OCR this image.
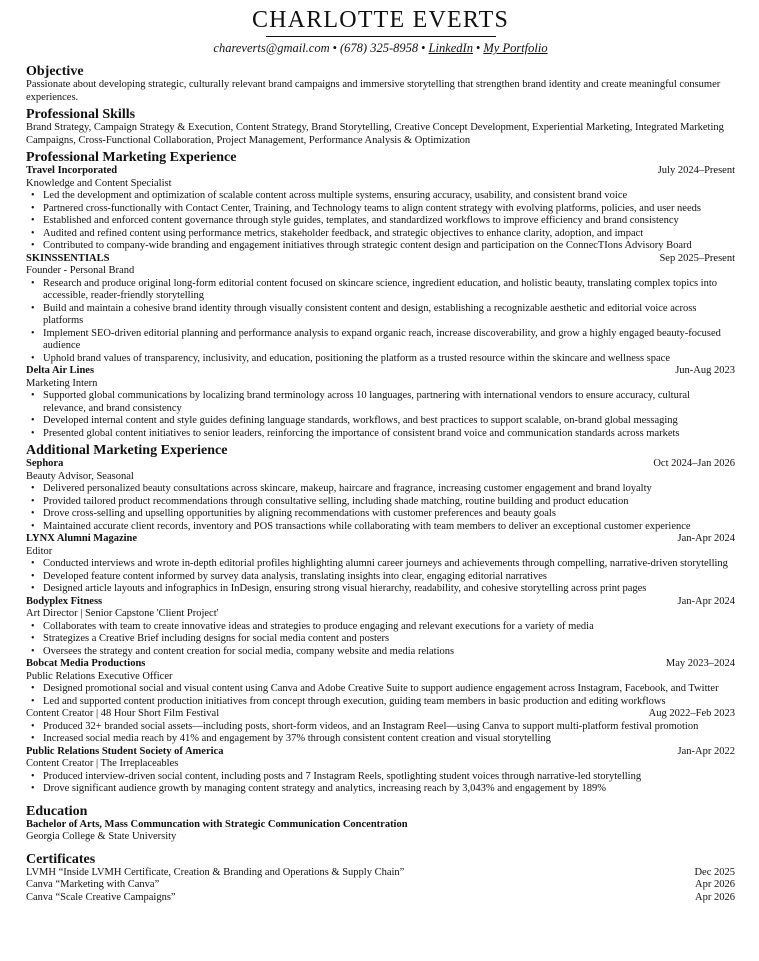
CHARLOTTE EVERTS
chareverts@gmail.com • (678) 325-8958 • LinkedIn • My Portfolio
Objective
Passionate about developing strategic, culturally relevant brand campaigns and immersive storytelling that strengthen brand identity and create meaningful consumer experiences.
Professional Skills
Brand Strategy, Campaign Strategy & Execution, Content Strategy, Brand Storytelling, Creative Concept Development, Experiential Marketing, Integrated Marketing Campaigns, Cross-Functional Collaboration, Project Management, Performance Analysis & Optimization
Professional Marketing Experience
Travel Incorporated	July 2024–Present
Knowledge and Content Specialist
• Led the development and optimization of scalable content across multiple systems, ensuring accuracy, usability, and consistent brand voice
• Partnered cross-functionally with Contact Center, Training, and Technology teams to align content strategy with evolving platforms, policies, and user needs
• Established and enforced content governance through style guides, templates, and standardized workflows to improve efficiency and brand consistency
• Audited and refined content using performance metrics, stakeholder feedback, and strategic objectives to enhance clarity, adoption, and impact
• Contributed to company-wide branding and engagement initiatives through strategic content design and participation on the ConnecTIons Advisory Board
SKINSSENTIALS	Sep 2025–Present
Founder - Personal Brand
• Research and produce original long-form editorial content focused on skincare science, ingredient education, and holistic beauty, translating complex topics into accessible, reader-friendly storytelling
• Build and maintain a cohesive brand identity through visually consistent content and design, establishing a recognizable aesthetic and editorial voice across platforms
• Implement SEO-driven editorial planning and performance analysis to expand organic reach, increase discoverability, and grow a highly engaged beauty-focused audience
• Uphold brand values of transparency, inclusivity, and education, positioning the platform as a trusted resource within the skincare and wellness space
Delta Air Lines	Jun-Aug 2023
Marketing Intern
• Supported global communications by localizing brand terminology across 10 languages, partnering with international vendors to ensure accuracy, cultural relevance, and brand consistency
• Developed internal content and style guides defining language standards, workflows, and best practices to support scalable, on-brand global messaging
• Presented global content initiatives to senior leaders, reinforcing the importance of consistent brand voice and communication standards across markets
Additional Marketing Experience
Sephora	Oct 2024–Jan 2026
Beauty Advisor, Seasonal
• Delivered personalized beauty consultations across skincare, makeup, haircare and fragrance, increasing customer engagement and brand loyalty
• Provided tailored product recommendations through consultative selling, including shade matching, routine building and product education
• Drove cross-selling and upselling opportunities by aligning recommendations with customer preferences and beauty goals
• Maintained accurate client records, inventory and POS transactions while collaborating with team members to deliver an exceptional customer experience
LYNX Alumni Magazine	Jan-Apr 2024
Editor
• Conducted interviews and wrote in-depth editorial profiles highlighting alumni career journeys and achievements through compelling, narrative-driven storytelling
• Developed feature content informed by survey data analysis, translating insights into clear, engaging editorial narratives
• Designed article layouts and infographics in InDesign, ensuring strong visual hierarchy, readability, and cohesive storytelling across print pages
Bodyplex Fitness	Jan-Apr 2024
Art Director | Senior Capstone 'Client Project'
• Collaborates with team to create innovative ideas and strategies to produce engaging and relevant executions for a variety of media
• Strategizes a Creative Brief including designs for social media content and posters
• Oversees the strategy and content creation for social media, company website and media relations
Bobcat Media Productions	May 2023–2024
Public Relations Executive Officer
• Designed promotional social and visual content using Canva and Adobe Creative Suite to support audience engagement across Instagram, Facebook, and Twitter
• Led and supported content production initiatives from concept through execution, guiding team members in basic production and editing workflows
Content Creator | 48 Hour Short Film Festival	Aug 2022–Feb 2023
• Produced 32+ branded social assets—including posts, short-form videos, and an Instagram Reel—using Canva to support multi-platform festival promotion
• Increased social media reach by 41% and engagement by 37% through consistent content creation and visual storytelling
Public Relations Student Society of America	Jan-Apr 2022
Content Creator | The Irreplaceables
• Produced interview-driven social content, including posts and 7 Instagram Reels, spotlighting student voices through narrative-led storytelling
• Drove significant audience growth by managing content strategy and analytics, increasing reach by 3,043% and engagement by 189%
Education
Bachelor of Arts, Mass Communcation with Strategic Communication Concentration
Georgia College & State University
Certificates
LVMH “Inside LVMH Certificate, Creation & Branding and Operations & Supply Chain”	Dec 2025
Canva “Marketing with Canva”	Apr 2026
Canva “Scale Creative Campaigns”	Apr 2026
